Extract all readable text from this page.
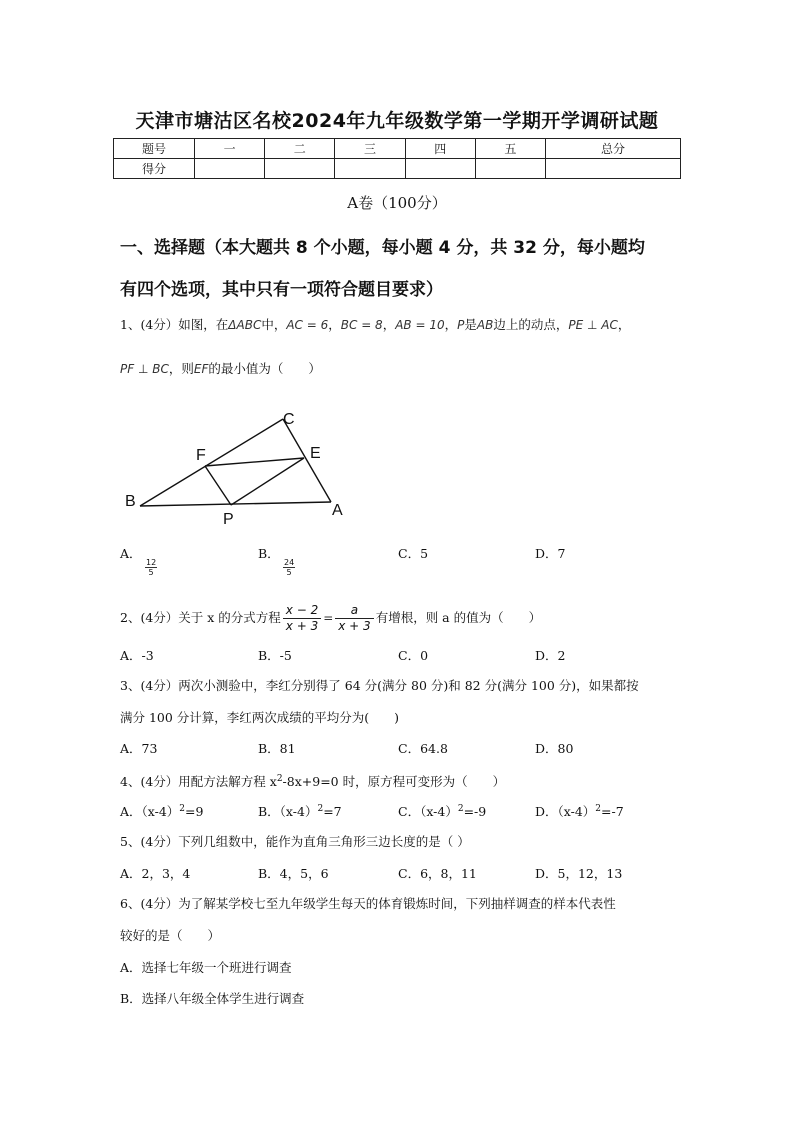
天津市塘沽区名校2024年九年级数学第一学期开学调研试题
题号	一	二	三	四	五	总分
得分						
A卷（100分）
一、选择题（本大题共 8 个小题，每小题 4 分，共 32 分，每小题均
有四个选项，其中只有一项符合题目要求）
1、(4分）如图，在ΔABC中，AC = 6，BC = 8，AB = 10，P是AB边上的动点，PE ⊥ AC，
PF ⊥ BC，则EF的最小值为（　　）
B
C
A
F	E
P
A．
$\frac{12}{5}$
B．
$\frac{24}{5}$
C．5	D．7
2、(4分）关于 x 的分式方程 $\frac{x - 2}{x + 3} = \frac{a}{x + 3}$ 有增根，则 a 的值为（　　）
A．‐3	B．‐5	C．0	D．2
3、(4分）两次小测验中，李红分别得了 64 分(满分 80 分)和 82 分(满分 100 分)，如果都按
满分 100 分计算，李红两次成绩的平均分为(　　)
A．73	B．81	C．64.8	D．80
4、(4分）用配方法解方程 $x^2-8x+9=0$ 时，原方程可变形为（　　）
A．$(x-4)^2=9$	B．$(x-4)^2=7$	C．$(x-4)^2=-9$	D．$(x-4)^2=-7$
5、(4分）下列几组数中，能作为直角三角形三边长度的是（ ）
A．2，3，4	B．4，5，6	C．6，8，11	D．5，12，13
6、(4分）为了解某学校七至九年级学生每天的体育锻炼时间，下列抽样调查的样本代表性
较好的是（　　）
A．选择七年级一个班进行调查
B．选择八年级全体学生进行调查
